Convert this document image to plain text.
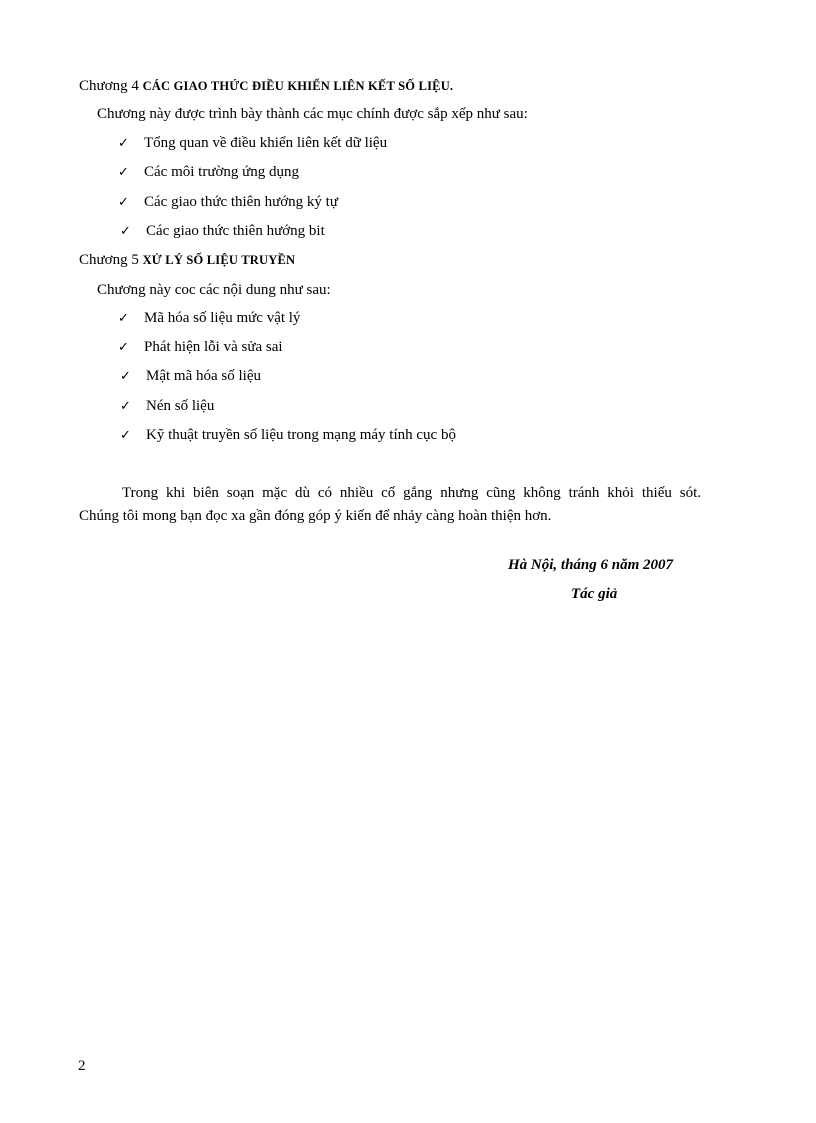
Chương 4 CÁC GIAO THỨC ĐIỀU KHIỂN LIÊN KẾT SỐ LIỆU.
Chương này được trình bày thành các mục chính được sắp xếp như sau:
✓ Tổng quan về điều khiển liên kết dữ liệu
✓ Các môi trường ứng dụng
✓ Các giao thức thiên hướng ký tự
✓ Các giao thức thiên hướng bit
Chương 5 XỬ LÝ SỐ LIỆU TRUYỀN
Chương này coc các nội dung như sau:
✓ Mã hóa số liệu mức vật lý
✓ Phát hiện lỗi và sửa sai
✓ Mật mã hóa số liệu
✓ Nén số liệu
✓ Kỹ thuật truyền số liệu trong mạng máy tính cục bộ
Trong khi biên soạn mặc dù có nhiều cố gắng nhưng cũng không tránh khỏi thiếu sót.
Chúng tôi mong bạn đọc xa gần đóng góp ý kiến để nhảy càng hoàn thiện hơn.
Hà Nội, tháng 6 năm 2007
Tác giả
2
